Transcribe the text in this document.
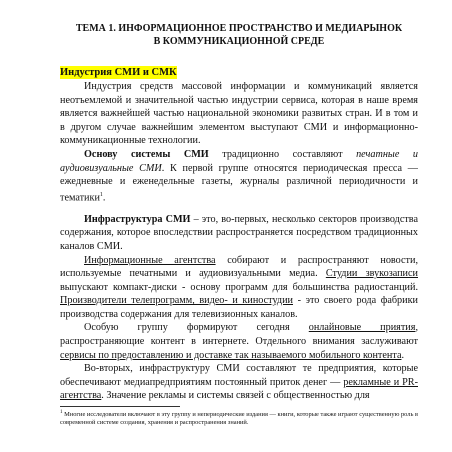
ТЕМА 1. ИНФОРМАЦИОННОЕ ПРОСТРАНСТВО И МЕДИАРЫНОК
В КОММУНИКАЦИОННОЙ СРЕДЕ
Индустрия СМИ и СМК

Индустрия средств массовой информации и коммуникаций является неотъемлемой и значительной частью индустрии сервиса, которая в наше время является важнейшей частью национальной экономики развитых стран. И в том и в другом случае важнейшим элементом выступают СМИ и информационно-коммуникационные технологии.

Основу системы СМИ традиционно составляют печатные и аудиовизуальные СМИ. К первой группе относятся периодическая пресса — ежедневные и еженедельные газеты, журналы различной периодичности и тематики$^1$.

Инфраструктура СМИ – это, во-первых, несколько секторов производства содержания, которое впоследствии распространяется посредством традиционных каналов СМИ.

Информационные агентства собирают и распространяют новости, используемые печатными и аудиовизуальными медиа. Студии звукозаписи выпускают компакт-диски - основу программ для большинства радиостанций. Производители телепрограмм, видео- и киностудии - это своего рода фабрики производства содержания для телевизионных каналов.

Особую группу формируют сегодня онлайновые приятия, распространяющие контент в интернете. Отдельного внимания заслуживают сервисы по предоставлению и доставке так называемого мобильного контента.

Во-вторых, инфраструктуру СМИ составляют те предприятия, которые обеспечивают медиапредприятиям постоянный приток денег — рекламные и PR-агентства. Значение рекламы и системы связей с общественностью для

$^1$ Многие исследователи включают в эту группу и непериодические издания — книги, которые также играют существенную роль в современной системе создания, хранения и распространения знаний.
